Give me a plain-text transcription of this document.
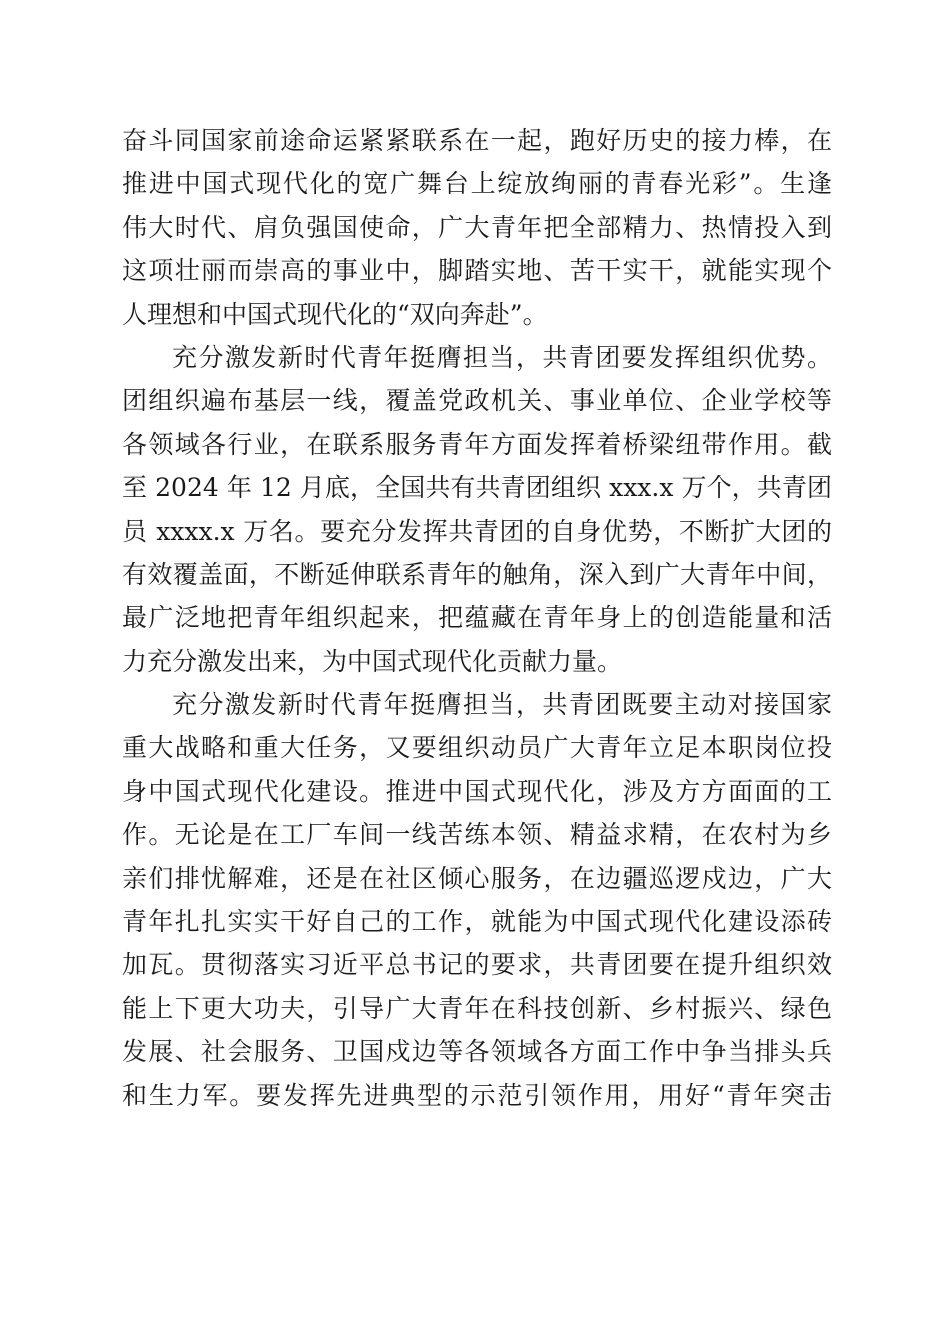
奋斗同国家前途命运紧紧联系在一起，跑好历史的接力棒，在
推进中国式现代化的宽广舞台上绽放绚丽的青春光彩”。生逢
伟大时代、肩负强国使命，广大青年把全部精力、热情投入到
这项壮丽而崇高的事业中，脚踏实地、苦干实干，就能实现个
人理想和中国式现代化的“双向奔赴”。
充分激发新时代青年挺膺担当，共青团要发挥组织优势。
团组织遍布基层一线，覆盖党政机关、事业单位、企业学校等
各领域各行业，在联系服务青年方面发挥着桥梁纽带作用。截
至 2024 年 12 月底，全国共有共青团组织 xxx.x 万个，共青团
员 xxxx.x 万名。要充分发挥共青团的自身优势，不断扩大团的
有效覆盖面，不断延伸联系青年的触角，深入到广大青年中间，
最广泛地把青年组织起来，把蕴藏在青年身上的创造能量和活
力充分激发出来，为中国式现代化贡献力量。
充分激发新时代青年挺膺担当，共青团既要主动对接国家
重大战略和重大任务，又要组织动员广大青年立足本职岗位投
身中国式现代化建设。推进中国式现代化，涉及方方面面的工
作。无论是在工厂车间一线苦练本领、精益求精，在农村为乡
亲们排忧解难，还是在社区倾心服务，在边疆巡逻戍边，广大
青年扎扎实实干好自己的工作，就能为中国式现代化建设添砖
加瓦。贯彻落实习近平总书记的要求，共青团要在提升组织效
能上下更大功夫，引导广大青年在科技创新、乡村振兴、绿色
发展、社会服务、卫国戍边等各领域各方面工作中争当排头兵
和生力军。要发挥先进典型的示范引领作用，用好“青年突击
